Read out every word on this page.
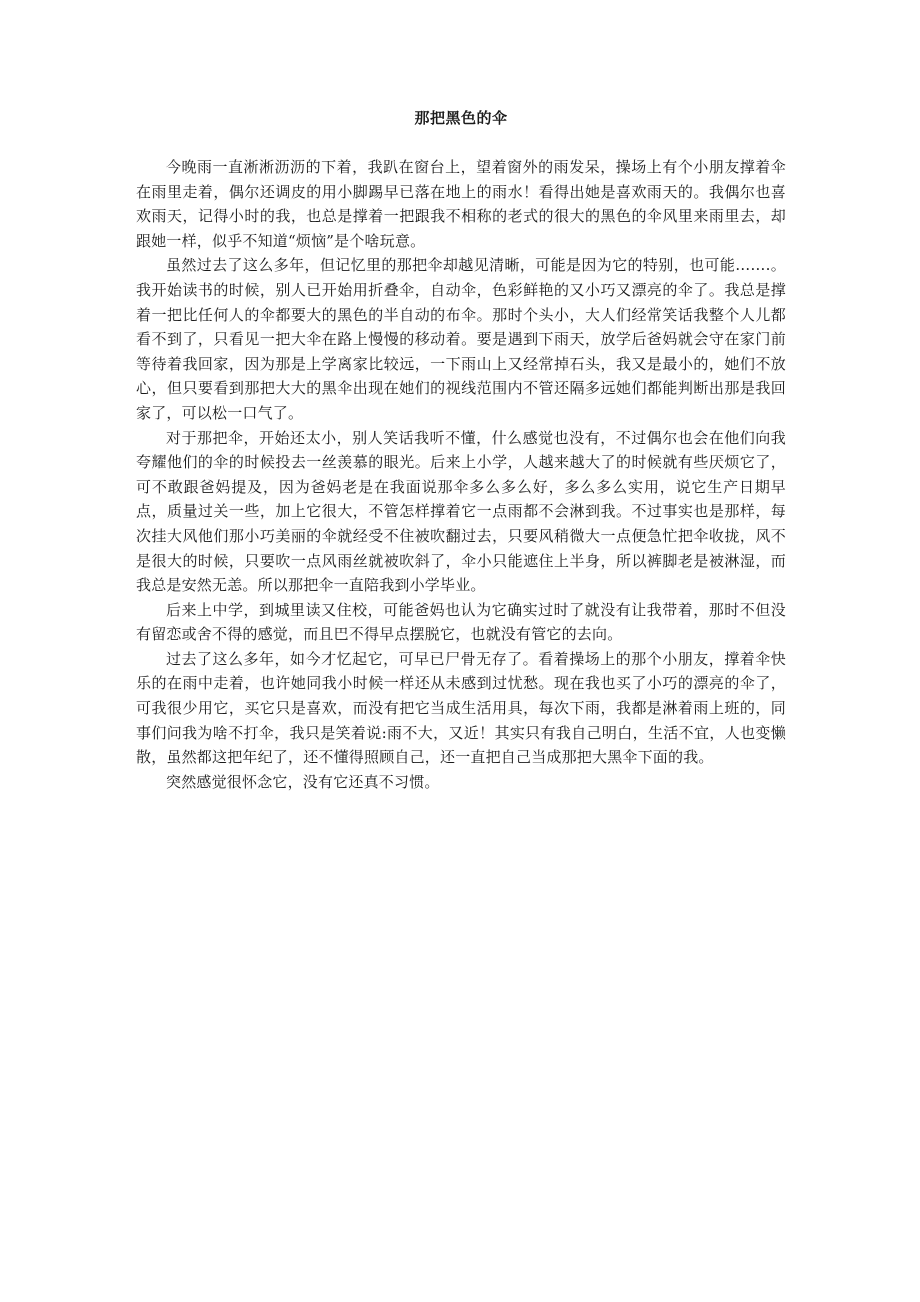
那把黑色的伞

今晚雨一直淅淅沥沥的下着，我趴在窗台上，望着窗外的雨发呆，操场上有个小朋友撑着伞在雨里走着，偶尔还调皮的用小脚踢早已落在地上的雨水！看得出她是喜欢雨天的。我偶尔也喜欢雨天，记得小时的我，也总是撑着一把跟我不相称的老式的很大的黑色的伞风里来雨里去，却跟她一样，似乎不知道“烦恼”是个啥玩意。

虽然过去了这么多年，但记忆里的那把伞却越见清晰，可能是因为它的特别，也可能…….。我开始读书的时候，别人已开始用折叠伞，自动伞，色彩鲜艳的又小巧又漂亮的伞了。我总是撑着一把比任何人的伞都要大的黑色的半自动的布伞。那时个头小，大人们经常笑话我整个人儿都看不到了，只看见一把大伞在路上慢慢的移动着。要是遇到下雨天，放学后爸妈就会守在家门前等待着我回家，因为那是上学离家比较远，一下雨山上又经常掉石头，我又是最小的，她们不放心，但只要看到那把大大的黑伞出现在她们的视线范围内不管还隔多远她们都能判断出那是我回家了，可以松一口气了。

对于那把伞，开始还太小，别人笑话我听不懂，什么感觉也没有，不过偶尔也会在他们向我夸耀他们的伞的时候投去一丝羡慕的眼光。后来上小学，人越来越大了的时候就有些厌烦它了，可不敢跟爸妈提及，因为爸妈老是在我面说那伞多么多么好，多么多么实用，说它生产日期早点，质量过关一些，加上它很大，不管怎样撑着它一点雨都不会淋到我。不过事实也是那样，每次挂大风他们那小巧美丽的伞就经受不住被吹翻过去，只要风稍微大一点便急忙把伞收拢，风不是很大的时候，只要吹一点风雨丝就被吹斜了，伞小只能遮住上半身，所以裤脚老是被淋湿，而我总是安然无恙。所以那把伞一直陪我到小学毕业。

后来上中学，到城里读又住校，可能爸妈也认为它确实过时了就没有让我带着，那时不但没有留恋或舍不得的感觉，而且巴不得早点摆脱它，也就没有管它的去向。

过去了这么多年，如今才忆起它，可早已尸骨无存了。看着操场上的那个小朋友，撑着伞快乐的在雨中走着，也许她同我小时候一样还从未感到过忧愁。现在我也买了小巧的漂亮的伞了，可我很少用它，买它只是喜欢，而没有把它当成生活用具，每次下雨，我都是淋着雨上班的，同事们问我为啥不打伞，我只是笑着说:雨不大，又近！其实只有我自己明白，生活不宜，人也变懒散，虽然都这把年纪了，还不懂得照顾自己，还一直把自己当成那把大黑伞下面的我。

突然感觉很怀念它，没有它还真不习惯。
